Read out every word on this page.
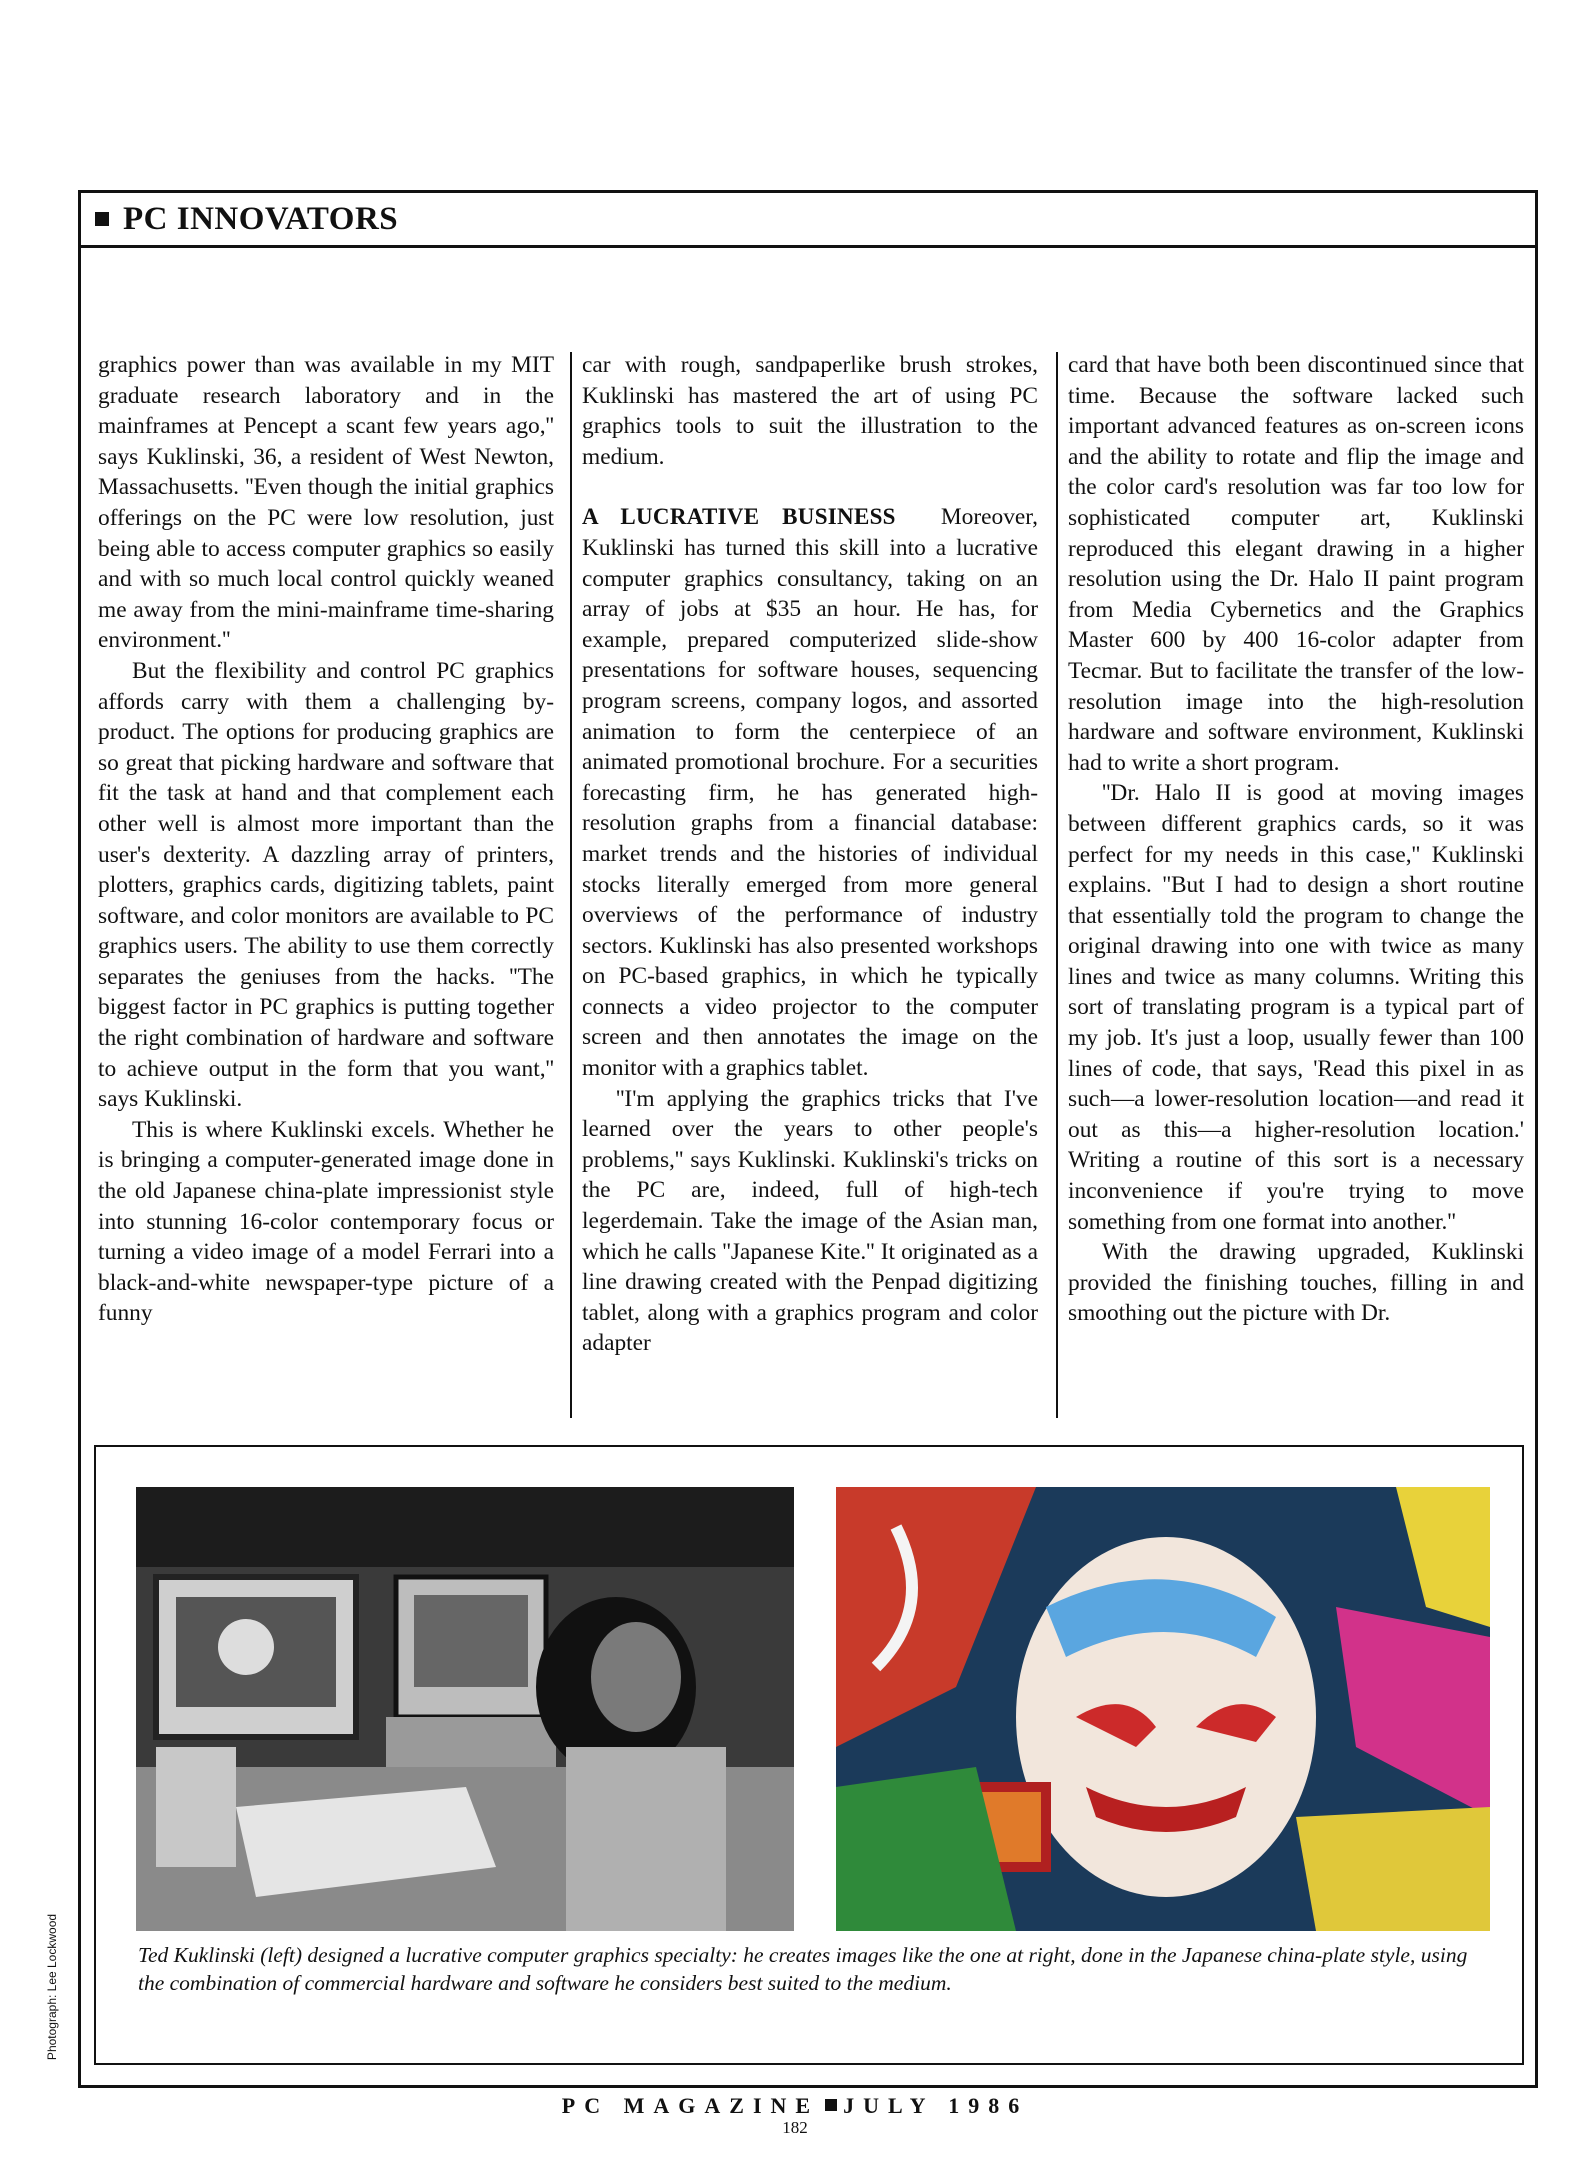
PC INNOVATORS

graphics power than was available in my MIT graduate research laboratory and in the mainframes at Pencept a scant few years ago,'' says Kuklinski, 36, a resident of West Newton, Massachusetts. ''Even though the initial graphics offerings on the PC were low resolution, just being able to access computer graphics so easily and with so much local control quickly weaned me away from the mini-mainframe time-sharing environment.''

But the flexibility and control PC graphics affords carry with them a challenging by-product. The options for producing graphics are so great that picking hardware and software that fit the task at hand and that complement each other well is almost more important than the user's dexterity. A dazzling array of printers, plotters, graphics cards, digitizing tablets, paint software, and color monitors are available to PC graphics users. The ability to use them correctly separates the geniuses from the hacks. ''The biggest factor in PC graphics is putting together the right combination of hardware and software to achieve output in the form that you want,'' says Kuklinski.

This is where Kuklinski excels. Whether he is bringing a computer-generated image done in the old Japanese china-plate impressionist style into stunning 16-color contemporary focus or turning a video image of a model Ferrari into a black-and-white newspaper-type picture of a funny

car with rough, sandpaperlike brush strokes, Kuklinski has mastered the art of using PC graphics tools to suit the illustration to the medium.

A LUCRATIVE BUSINESS Moreover, Kuklinski has turned this skill into a lucrative computer graphics consultancy, taking on an array of jobs at $35 an hour. He has, for example, prepared computerized slide-show presentations for software houses, sequencing program screens, company logos, and assorted animation to form the centerpiece of an animated promotional brochure. For a securities forecasting firm, he has generated high-resolution graphs from a financial database: market trends and the histories of individual stocks literally emerged from more general overviews of the performance of industry sectors. Kuklinski has also presented workshops on PC-based graphics, in which he typically connects a video projector to the computer screen and then annotates the image on the monitor with a graphics tablet.

''I'm applying the graphics tricks that I've learned over the years to other people's problems,'' says Kuklinski. Kuklinski's tricks on the PC are, indeed, full of high-tech legerdemain. Take the image of the Asian man, which he calls ''Japanese Kite.'' It originated as a line drawing created with the Penpad digitizing tablet, along with a graphics program and color adapter

card that have both been discontinued since that time. Because the software lacked such important advanced features as on-screen icons and the ability to rotate and flip the image and the color card's resolution was far too low for sophisticated computer art, Kuklinski reproduced this elegant drawing in a higher resolution using the Dr. Halo II paint program from Media Cybernetics and the Graphics Master 600 by 400 16-color adapter from Tecmar. But to facilitate the transfer of the low-resolution image into the high-resolution hardware and software environment, Kuklinski had to write a short program.

''Dr. Halo II is good at moving images between different graphics cards, so it was perfect for my needs in this case,'' Kuklinski explains. ''But I had to design a short routine that essentially told the program to change the original drawing into one with twice as many lines and twice as many columns. Writing this sort of translating program is a typical part of my job. It's just a loop, usually fewer than 100 lines of code, that says, 'Read this pixel in as such—a lower-resolution location—and read it out as this—a higher-resolution location.' Writing a routine of this sort is a necessary inconvenience if you're trying to move something from one format into another.''

With the drawing upgraded, Kuklinski provided the finishing touches, filling in and smoothing out the picture with Dr.

Ted Kuklinski (left) designed a lucrative computer graphics specialty: he creates images like the one at right, done in the Japanese china-plate style, using the combination of commercial hardware and software he considers best suited to the medium.
Photograph: Lee Lockwood
PC MAGAZINE JULY 1986
182
